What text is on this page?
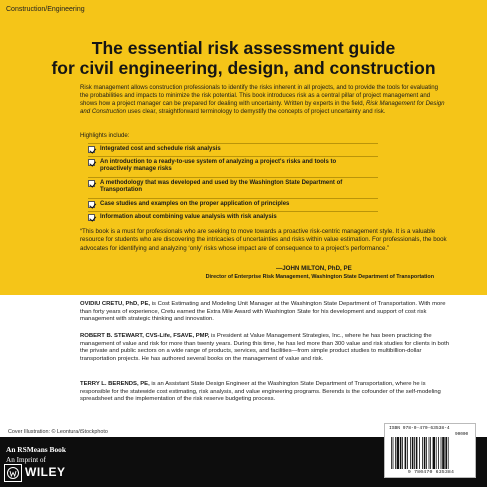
Construction/Engineering
The essential risk assessment guide
for civil engineering, design, and construction
Risk management allows construction professionals to identify the risks inherent in all projects, and to provide the tools for evaluating the probabilities and impacts to minimize the risk potential. This book introduces risk as a central pillar of project management and shows how a project manager can be prepared for dealing with uncertainty. Written by experts in the field, Risk Management for Design and Construction uses clear, straightforward terminology to demystify the concepts of project uncertainty and risk.
Highlights include:
Integrated cost and schedule risk analysis
An introduction to a ready-to-use system of analyzing a project's risks and tools to proactively manage risks
A methodology that was developed and used by the Washington State Department of Transportation
Case studies and examples on the proper application of principles
Information about combining value analysis with risk analysis
“This book is a must for professionals who are seeking to move towards a proactive risk-centric management style. It is a valuable resource for students who are discovering the intricacies of uncertainties and risks within value estimation. For professionals, the book advocates for identifying and analyzing ‘only’ risks whose impact are of consequence to a project’s performance.”
—JOHN MILTON, PhD, PE
Director of Enterprise Risk Management, Washington State Department of Transportation
OVIDIU CRETU, PhD, PE, is Cost Estimating and Modeling Unit Manager at the Washington State Department of Transportation. With more than forty years of experience, Cretu earned the Extra Mile Award with Washington State for his development and support of cost risk management with strategic thinking and innovation.
ROBERT B. STEWART, CVS-Life, FSAVE, PMP, is President at Value Management Strategies, Inc., where he has been practicing the management of value and risk for more than twenty years. During this time, he has led more than 300 value and risk studies for clients in both the private and public sectors on a wide range of products, services, and facilities—from simple product studies to multibillion-dollar transportation projects. He has authored several books on the management of value and risk.
TERRY L. BERENDS, PE, is an Assistant State Design Engineer at the Washington State Department of Transportation, where he is responsible for the statewide cost estimating, risk analysis, and value engineering programs. Berends is the cofounder of the self-modeling spreadsheet and the implementation of the risk reserve budgeting process.
Cover Illustration: © Leontura/iStockphoto
An RSMeans Book
An Imprint of
WILEY
ISBN 978-0-470-63538-4
90000
9 780470 635384
